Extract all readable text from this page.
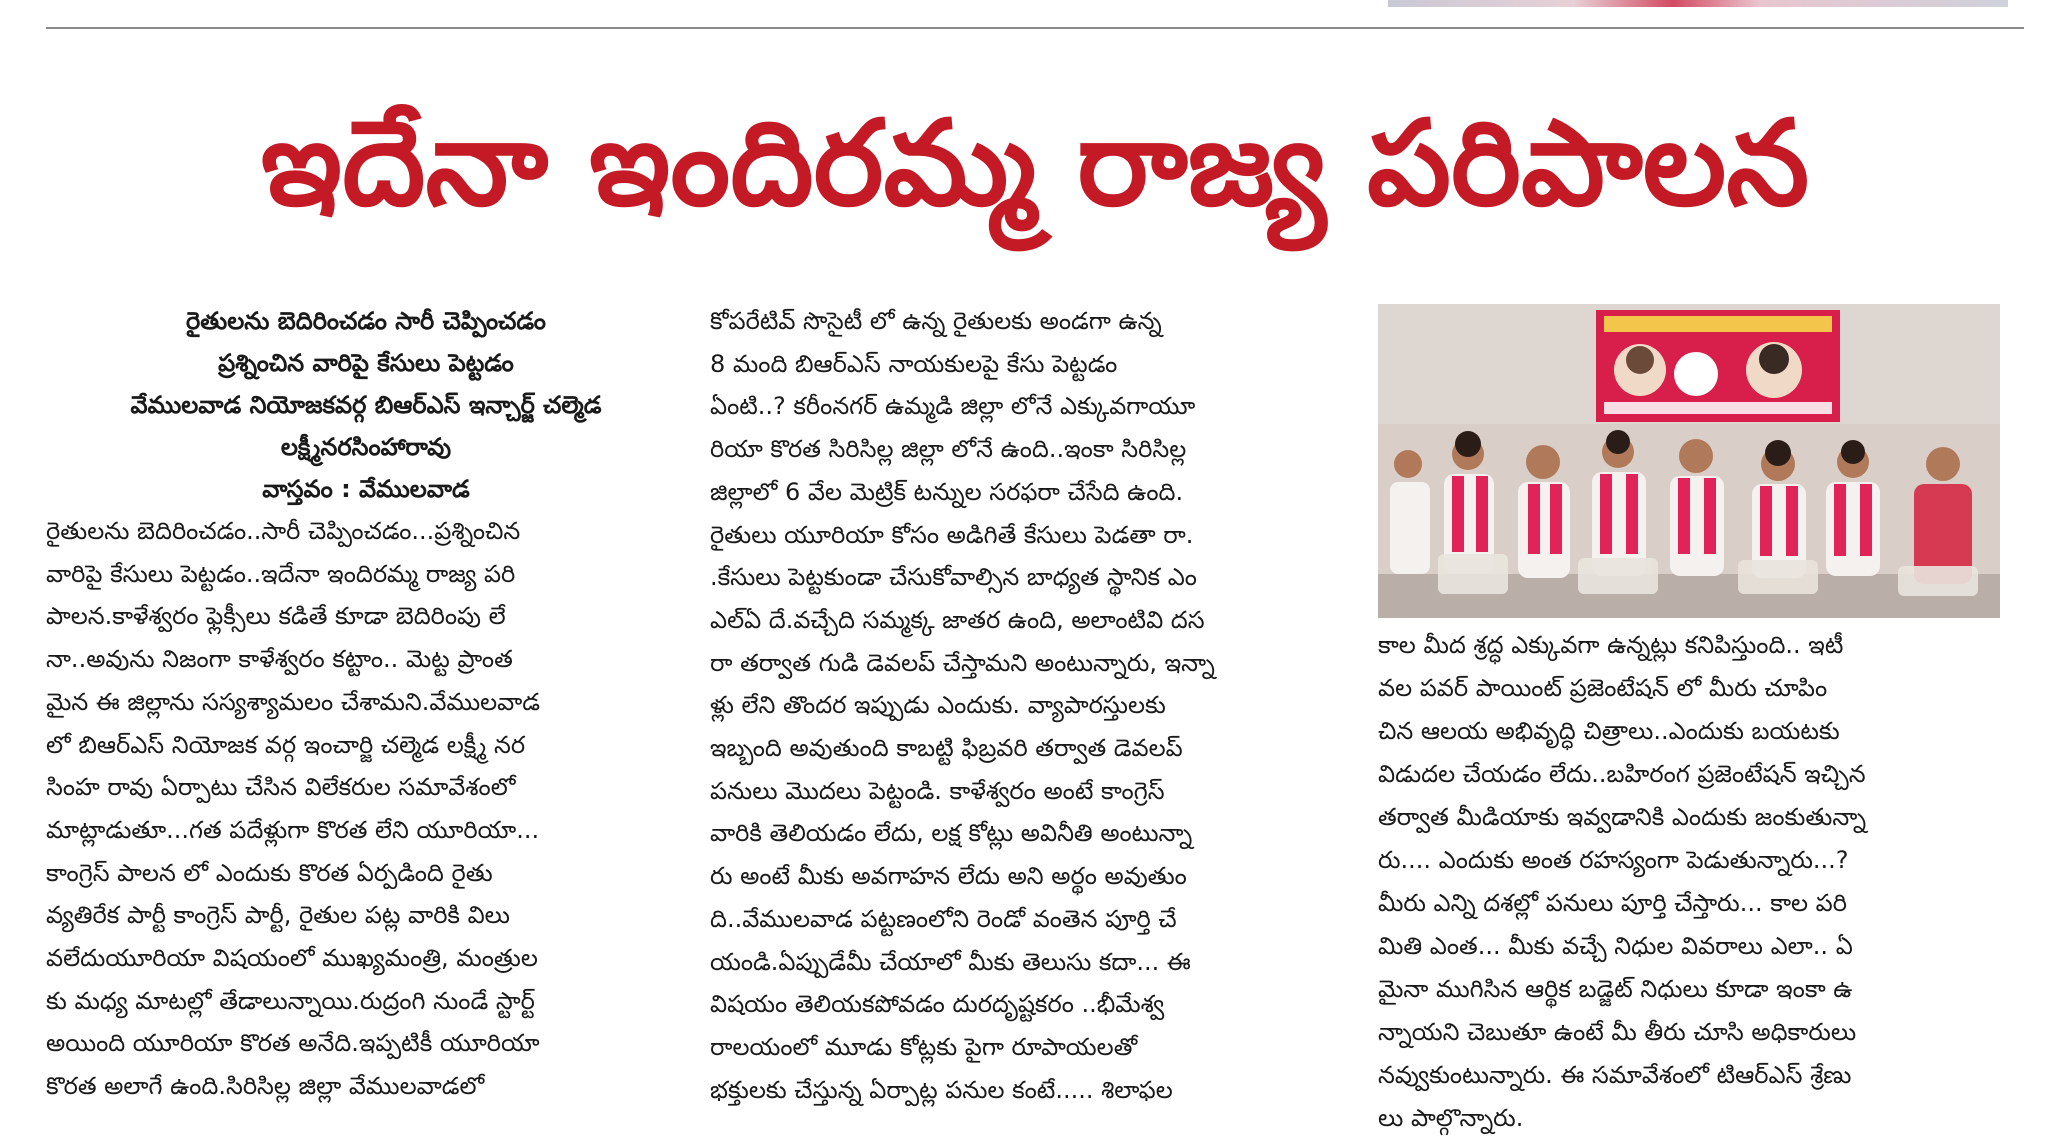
ఇదేనా ఇందిరమ్మ రాజ్య పరిపాలన

రైతులను బెదిరించడం సారీ చెప్పించడం

ప్రశ్నించిన వారిపై కేసులు పెట్టడం

వేములవాడ నియోజకవర్గ బిఆర్ఎస్ ఇన్చార్జ్ చల్మెడ

లక్ష్మీనరసింహారావు

వాస్తవం : వేములవాడ

రైతులను బెదిరించడం..సారీ చెప్పించడం...ప్రశ్నించిన

వారిపై కేసులు పెట్టడం..ఇదేనా ఇందిరమ్మ రాజ్య పరి

పాలన.కాళేశ్వరం ఫ్లెక్సీలు కడితే కూడా బెదిరింపు లే

నా..అవును నిజంగా కాళేశ్వరం కట్టాం.. మెట్ట ప్రాంత

మైన ఈ జిల్లాను సస్యశ్యామలం చేశామని.వేములవాడ

లో బిఆర్ఎస్ నియోజక వర్గ ఇంచార్జి చల్మెడ లక్ష్మీ నర

సింహ రావు ఏర్పాటు చేసిన విలేకరుల సమావేశంలో

మాట్లాడుతూ...గత పదేళ్లుగా కొరత లేని యూరియా...

కాంగ్రెస్ పాలన లో ఎందుకు కొరత ఏర్పడింది రైతు

వ్యతిరేక పార్టీ కాంగ్రెస్ పార్టీ, రైతుల పట్ల వారికి విలు

వలేదుయూరియా విషయంలో ముఖ్యమంత్రి, మంత్రుల

కు మధ్య మాటల్లో తేడాలున్నాయి.రుద్రంగి నుండే స్టార్ట్

అయింది యూరియా కొరత అనేది.ఇప్పటికీ యూరియా

కొరత అలాగే ఉంది.సిరిసిల్ల జిల్లా వేములవాడలో

కోపరేటివ్ సొసైటీ లో ఉన్న రైతులకు అండగా ఉన్న

8 మంది బిఆర్ఎస్ నాయకులపై కేసు పెట్టడం

ఏంటి..? కరీంనగర్ ఉమ్మడి జిల్లా లోనే ఎక్కువగాయూ

రియా కొరత సిరిసిల్ల జిల్లా లోనే ఉంది..ఇంకా సిరిసిల్ల

జిల్లాలో 6 వేల మెట్రిక్ టన్నుల సరఫరా చేసేది ఉంది.

రైతులు యూరియా కోసం అడిగితే కేసులు పెడతా రా.

.కేసులు పెట్టకుండా చేసుకోవాల్సిన బాధ్యత స్థానిక ఎం

ఎల్ఏ దే.వచ్చేది సమ్మక్క జాతర ఉంది, అలాంటివి దస

రా తర్వాత గుడి డెవలప్ చేస్తామని అంటున్నారు, ఇన్నా

ళ్లు లేని తొందర ఇప్పుడు ఎందుకు. వ్యాపారస్తులకు

ఇబ్బంది అవుతుంది కాబట్టి ఫిబ్రవరి తర్వాత డెవలప్

పనులు మొదలు పెట్టండి. కాళేశ్వరం అంటే కాంగ్రెస్

వారికి తెలియడం లేదు, లక్ష కోట్లు అవినీతి అంటున్నా

రు అంటే మీకు అవగాహన లేదు అని అర్థం అవుతుం

ది..వేములవాడ పట్టణంలోని రెండో వంతెన పూర్తి చే

యండి.ఏప్పుడేమీ చేయాలో మీకు తెలుసు కదా... ఈ

విషయం తెలియకపోవడం దురదృష్టకరం ..భీమేశ్వ

రాలయంలో మూడు కోట్లకు పైగా రూపాయలతో

భక్తులకు చేస్తున్న ఏర్పాట్ల పనుల కంటే..... శిలాఫల

కాల మీద శ్రద్ధ ఎక్కువగా ఉన్నట్లు కనిపిస్తుంది.. ఇటీ

వల పవర్ పాయింట్ ప్రజెంటేషన్ లో మీరు చూపిం

చిన ఆలయ అభివృద్ధి చిత్రాలు..ఎందుకు బయటకు

విడుదల చేయడం లేదు..బహిరంగ ప్రజెంటేషన్ ఇచ్చిన

తర్వాత మీడియాకు ఇవ్వడానికి ఎందుకు జంకుతున్నా

రు.... ఎందుకు అంత రహస్యంగా పెడుతున్నారు...?

మీరు ఎన్ని దశల్లో పనులు పూర్తి చేస్తారు... కాల పరి

మితి ఎంత... మీకు వచ్చే నిధుల వివరాలు ఎలా.. ఏ

మైనా ముగిసిన ఆర్థిక బడ్జెట్ నిధులు కూడా ఇంకా ఉ

న్నాయని చెబుతూ ఉంటే మీ తీరు చూసి అధికారులు

నవ్వుకుంటున్నారు. ఈ సమావేశంలో టిఆర్ఎస్ శ్రేణు

లు పాల్గొన్నారు.
